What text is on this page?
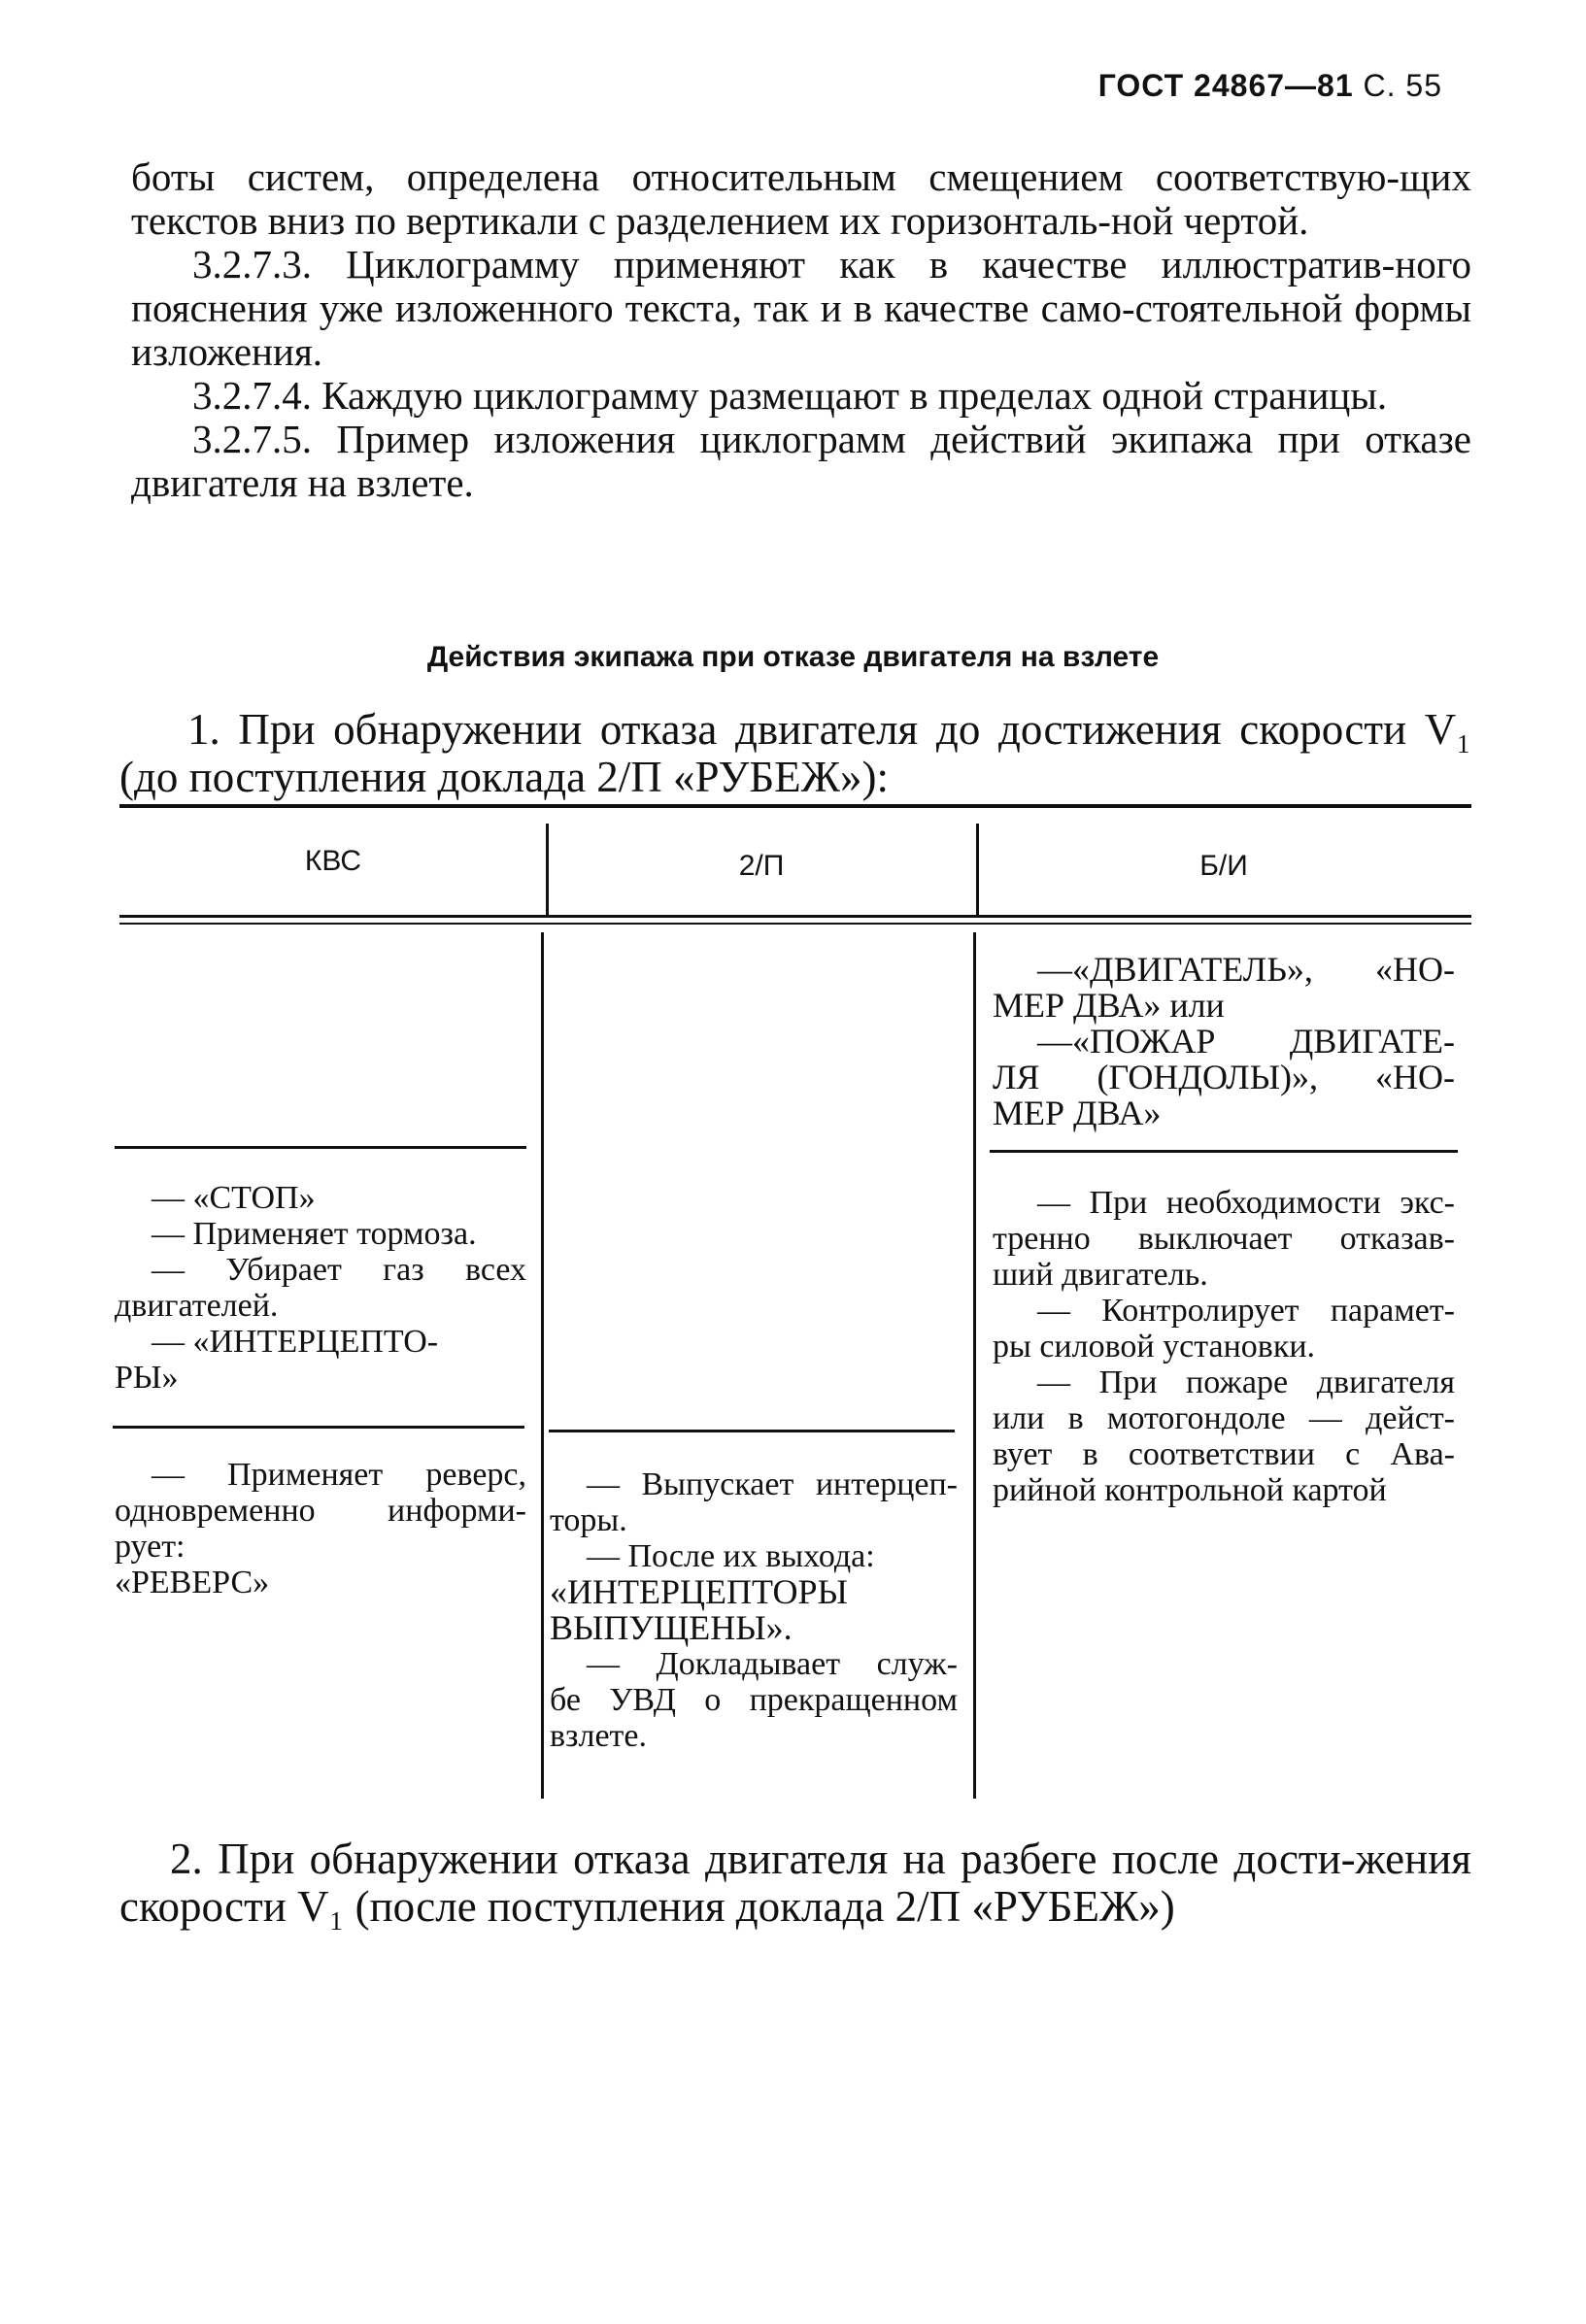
ГОСТ 24867—81 С. 55

боты систем, определена относительным смещением соответствую-щих текстов вниз по вертикали с разделением их горизонталь-ной чертой.

3.2.7.3. Циклограмму применяют как в качестве иллюстратив-ного пояснения уже изложенного текста, так и в качестве само-стоятельной формы изложения.

3.2.7.4. Каждую циклограмму размещают в пределах одной страницы.

3.2.7.5. Пример изложения циклограмм действий экипажа при отказе двигателя на взлете.

Действия экипажа при отказе двигателя на взлете
1. При обнаружении отказа двигателя до достижения скорости V₁ (до поступления доклада 2/П «РУБЕЖ»):
КВС	2/П	Б/И

—«ДВИГАТЕЛЬ», «НО-

МЕР ДВА» или

—«ПОЖАР ДВИГАТЕ-

ЛЯ (ГОНДОЛЫ)», «НО-

МЕР ДВА»

— «СТОП»

— Применяет тормоза.

— Убирает газ всех

двигателей.

— «ИНТЕРЦЕПТО-

РЫ»

— При необходимости экс-

тренно выключает отказав-

ший двигатель.

— Контролирует парамет-

ры силовой установки.

— При пожаре двигателя

или в мотогондоле — дейст-

вует в соответствии с Ава-

рийной контрольной картой

— Применяет реверс,

одновременно информи-

рует:

«РЕВЕРС»

— Выпускает интерцеп-

торы.

— После их выхода:

«ИНТЕРЦЕПТОРЫ

ВЫПУЩЕНЫ».

— Докладывает служ-

бе УВД о прекращенном

взлете.

2. При обнаружении отказа двигателя на разбеге после дости-жения скорости V₁ (после поступления доклада 2/П «РУБЕЖ»)
